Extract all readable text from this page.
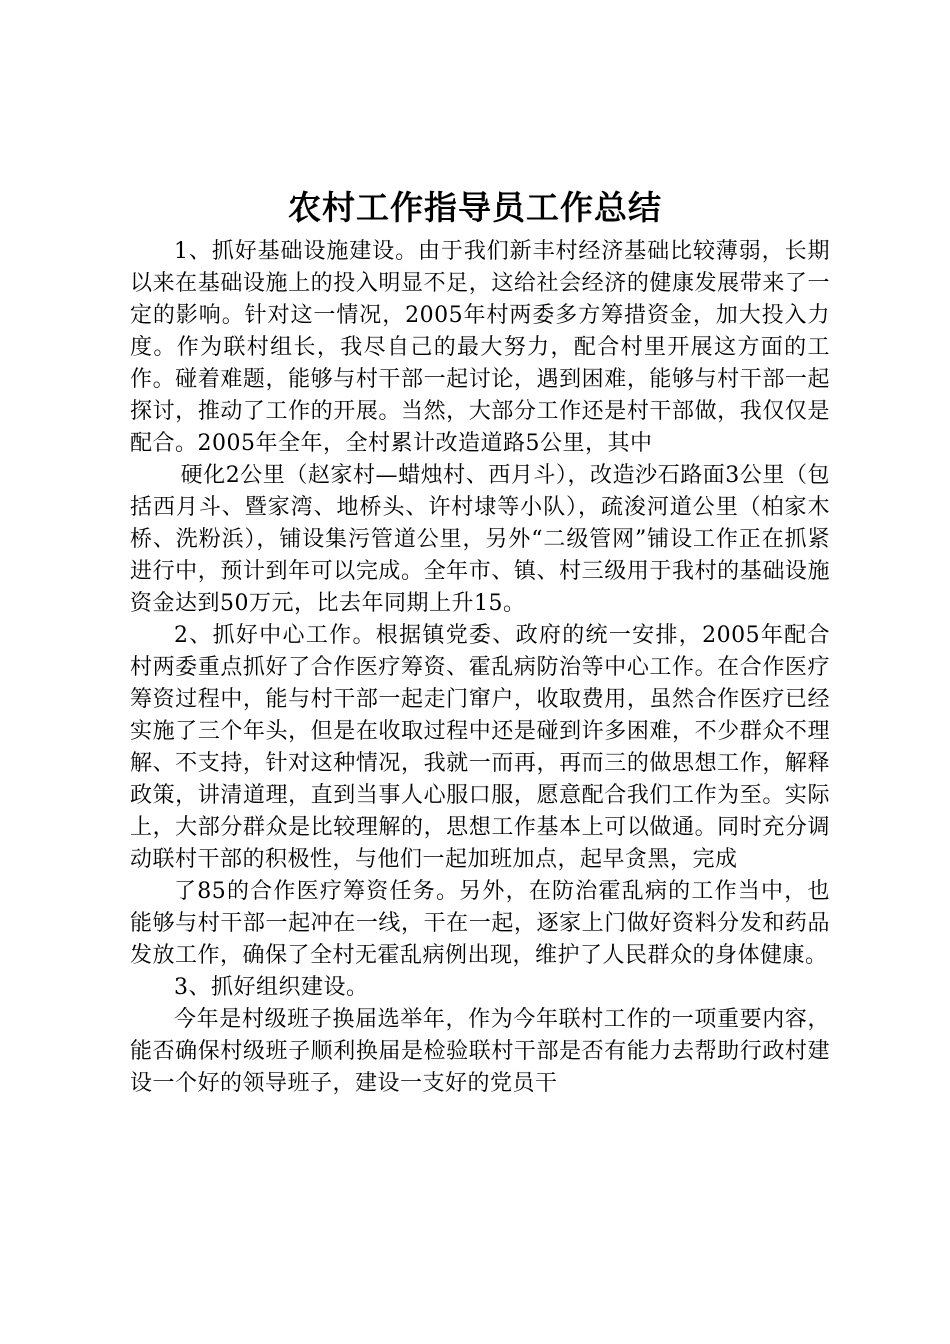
农村工作指导员工作总结

1、抓好基础设施建设。由于我们新丰村经济基础比较薄弱，长期以来在基础设施上的投入明显不足，这给社会经济的健康发展带来了一定的影响。针对这一情况，2005年村两委多方筹措资金，加大投入力度。作为联村组长，我尽自己的最大努力，配合村里开展这方面的工作。碰着难题，能够与村干部一起讨论，遇到困难，能够与村干部一起探讨，推动了工作的开展。当然，大部分工作还是村干部做，我仅仅是配合。2005年全年，全村累计改造道路5公里，其中

硬化2公里（赵家村—蜡烛村、西月斗），改造沙石路面3公里（包括西月斗、暨家湾、地桥头、许村埭等小队），疏浚河道公里（柏家木桥、洗粉浜），铺设集污管道公里，另外“二级管网”铺设工作正在抓紧进行中，预计到年可以完成。全年市、镇、村三级用于我村的基础设施资金达到50万元，比去年同期上升15。

2、抓好中心工作。根据镇党委、政府的统一安排，2005年配合村两委重点抓好了合作医疗筹资、霍乱病防治等中心工作。在合作医疗筹资过程中，能与村干部一起走门窜户，收取费用，虽然合作医疗已经实施了三个年头，但是在收取过程中还是碰到许多困难，不少群众不理解、不支持，针对这种情况，我就一而再，再而三的做思想工作，解释政策，讲清道理，直到当事人心服口服，愿意配合我们工作为至。实际上，大部分群众是比较理解的，思想工作基本上可以做通。同时充分调动联村干部的积极性，与他们一起加班加点，起早贪黑，完成

了85的合作医疗筹资任务。另外，在防治霍乱病的工作当中，也能够与村干部一起冲在一线，干在一起，逐家上门做好资料分发和药品发放工作，确保了全村无霍乱病例出现，维护了人民群众的身体健康。

3、抓好组织建设。

今年是村级班子换届选举年，作为今年联村工作的一项重要内容，能否确保村级班子顺利换届是检验联村干部是否有能力去帮助行政村建设一个好的领导班子，建设一支好的党员干
